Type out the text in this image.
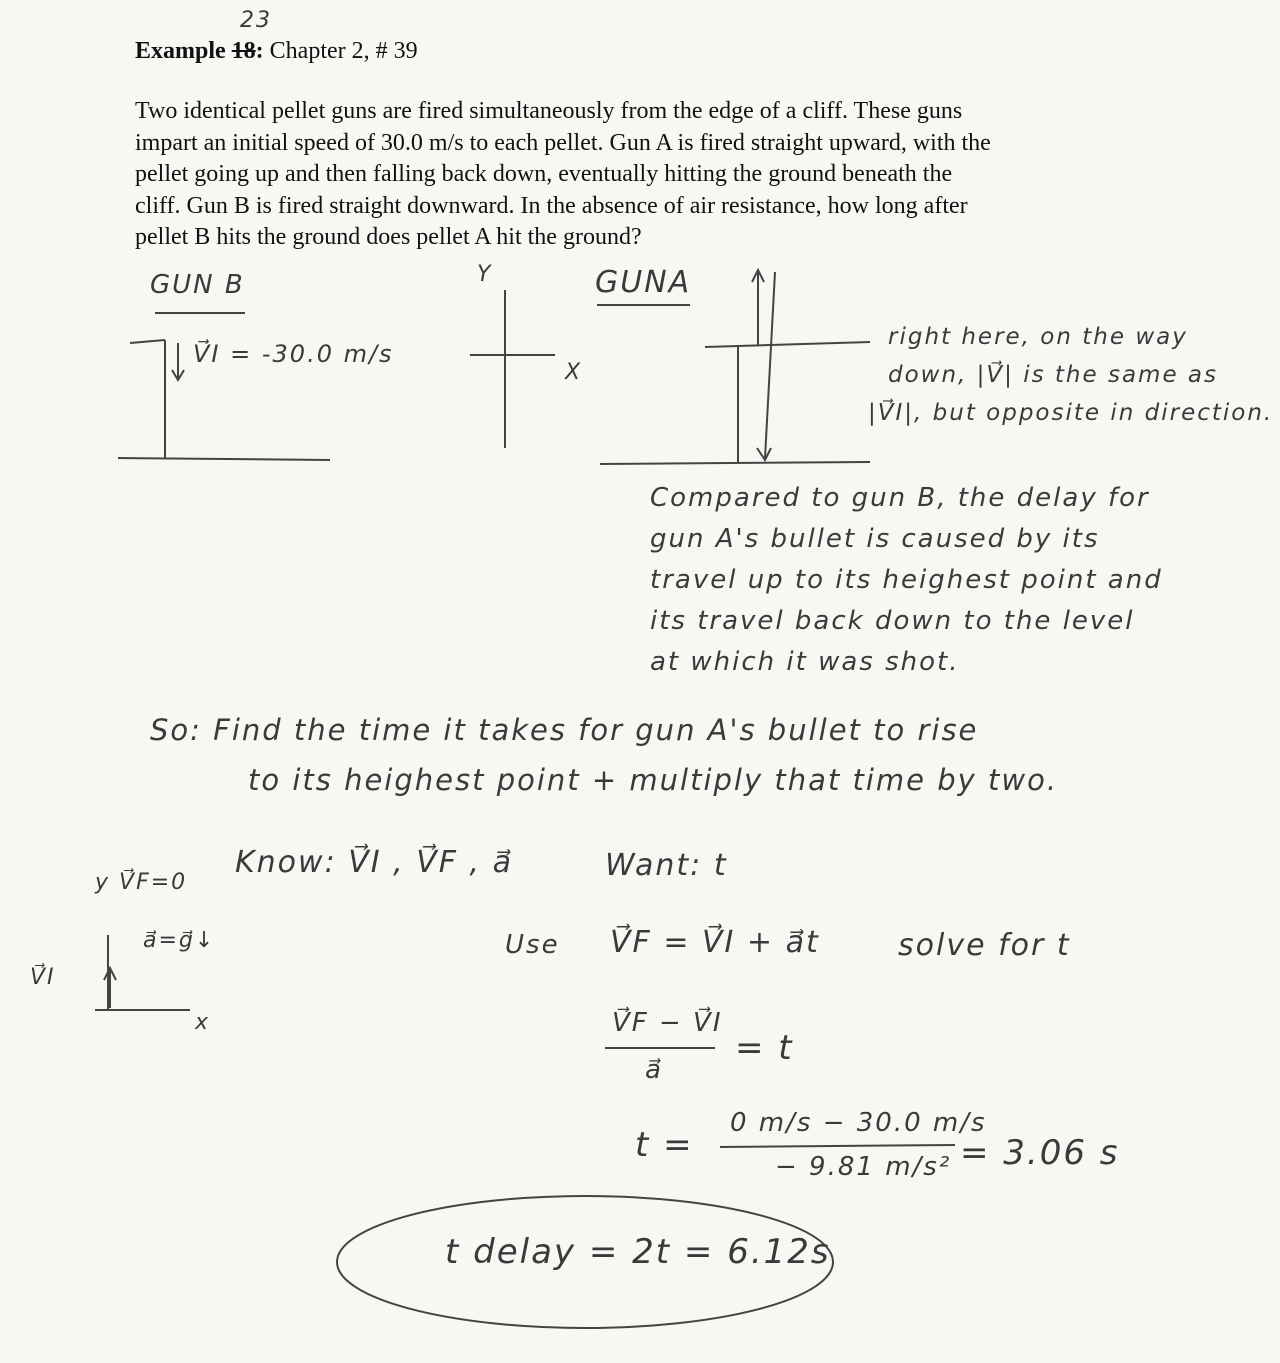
23
Example 18: Chapter 2, # 39

Two identical pellet guns are fired simultaneously from the edge of a cliff. These guns

impart an initial speed of 30.0 m/s to each pellet. Gun A is fired straight upward, with the

pellet going up and then falling back down, eventually hitting the ground beneath the

cliff. Gun B is fired straight downward. In the absence of air resistance, how long after

pellet B hits the ground does pellet A hit the ground?

GUN B
V⃗I = -30.0 m/s
Y
X
GUNA
right here, on the way
down, |V⃗| is the same as
|V⃗I|, but opposite in direction.
Compared to gun B, the delay for
gun A's bullet is caused by its
travel up to its heighest point and
its travel back down to the level
at which it was shot.
So: Find the time it takes for gun A's bullet to rise
to its heighest point + multiply that time by two.
Know: V⃗I , V⃗F , a⃗	Want: t
y V⃗F=0
a⃗=g⃗↓
V⃗I
x
Use V⃗F = V⃗I + a⃗t	solve for t
V⃗F − V⃗I
a⃗
= t
t =
0 m/s − 30.0 m/s
− 9.81 m/s² = 3.06 s
t delay = 2t = 6.12s
